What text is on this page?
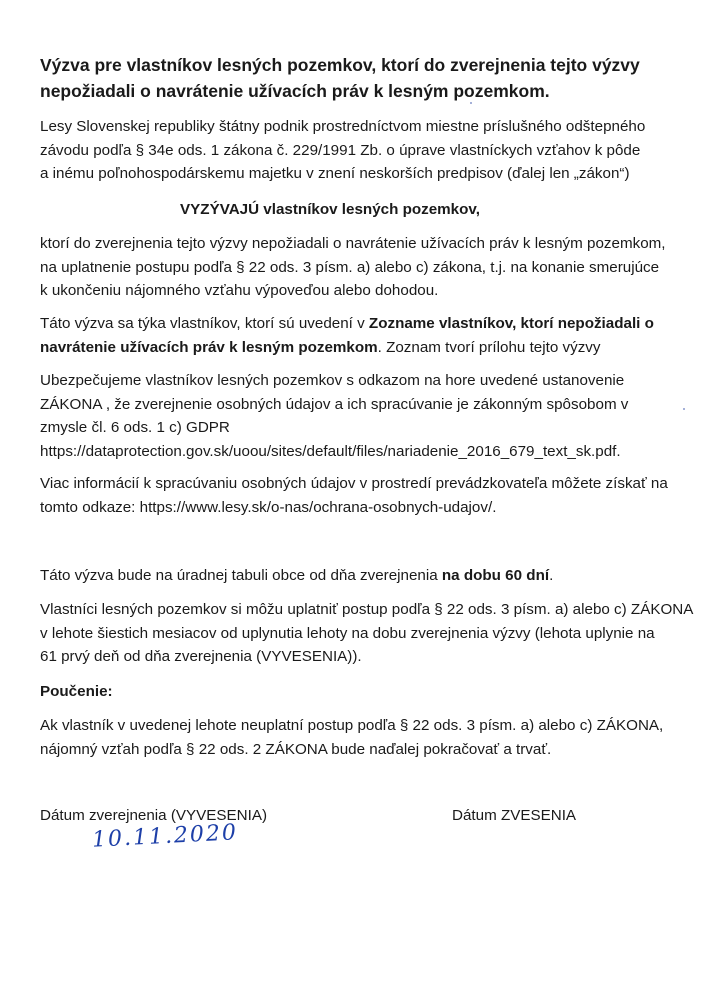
Výzva pre vlastníkov lesných pozemkov, ktorí do zverejnenia tejto výzvy
nepožiadali o navrátenie užívacích práv k lesným pozemkom.

Lesy Slovenskej republiky štátny podnik prostredníctvom miestne príslušného odštepného
závodu podľa § 34e ods. 1 zákona č. 229/1991 Zb. o úprave vlastníckych vzťahov k pôde
a inému poľnohospodárskemu majetku v znení neskorších predpisov (ďalej len „zákon“)

VYZÝVAJÚ vlastníkov lesných pozemkov,

ktorí do zverejnenia tejto výzvy nepožiadali o navrátenie užívacích práv k lesným pozemkom,
na uplatnenie postupu podľa § 22 ods. 3 písm. a) alebo c) zákona, t.j. na konanie smerujúce
k ukončeniu nájomného vzťahu výpoveďou alebo dohodou.

Táto výzva sa týka vlastníkov, ktorí sú uvedení v Zozname vlastníkov, ktorí nepožiadali o
navrátenie užívacích práv k lesným pozemkom. Zoznam tvorí prílohu tejto výzvy

Ubezpečujeme vlastníkov lesných pozemkov s odkazom na hore uvedené ustanovenie
ZÁKONA , že zverejnenie osobných údajov a ich spracúvanie je zákonným spôsobom v
zmysle čl. 6 ods. 1 c) GDPR
https://dataprotection.gov.sk/uoou/sites/default/files/nariadenie_2016_679_text_sk.pdf.

Viac informácií k spracúvaniu osobných údajov v prostredí prevádzkovateľa môžete získať na
tomto odkaze: https://www.lesy.sk/o-nas/ochrana-osobnych-udajov/.

Táto výzva bude na úradnej tabuli obce od dňa zverejnenia na dobu 60 dní.

Vlastníci lesných pozemkov si môžu uplatniť postup podľa § 22 ods. 3 písm. a) alebo c) ZÁKONA
v lehote šiestich mesiacov od uplynutia lehoty na dobu zverejnenia výzvy (lehota uplynie na
61 prvý deň od dňa zverejnenia (VYVESENIA)).

Poučenie:

Ak vlastník v uvedenej lehote neuplatní postup podľa § 22 ods. 3 písm. a) alebo c) ZÁKONA,
nájomný vzťah podľa § 22 ods. 2 ZÁKONA bude naďalej pokračovať a trvať.

Dátum zverejnenia (VYVESENIA)	Dátum ZVESENIA
10.11.2020
